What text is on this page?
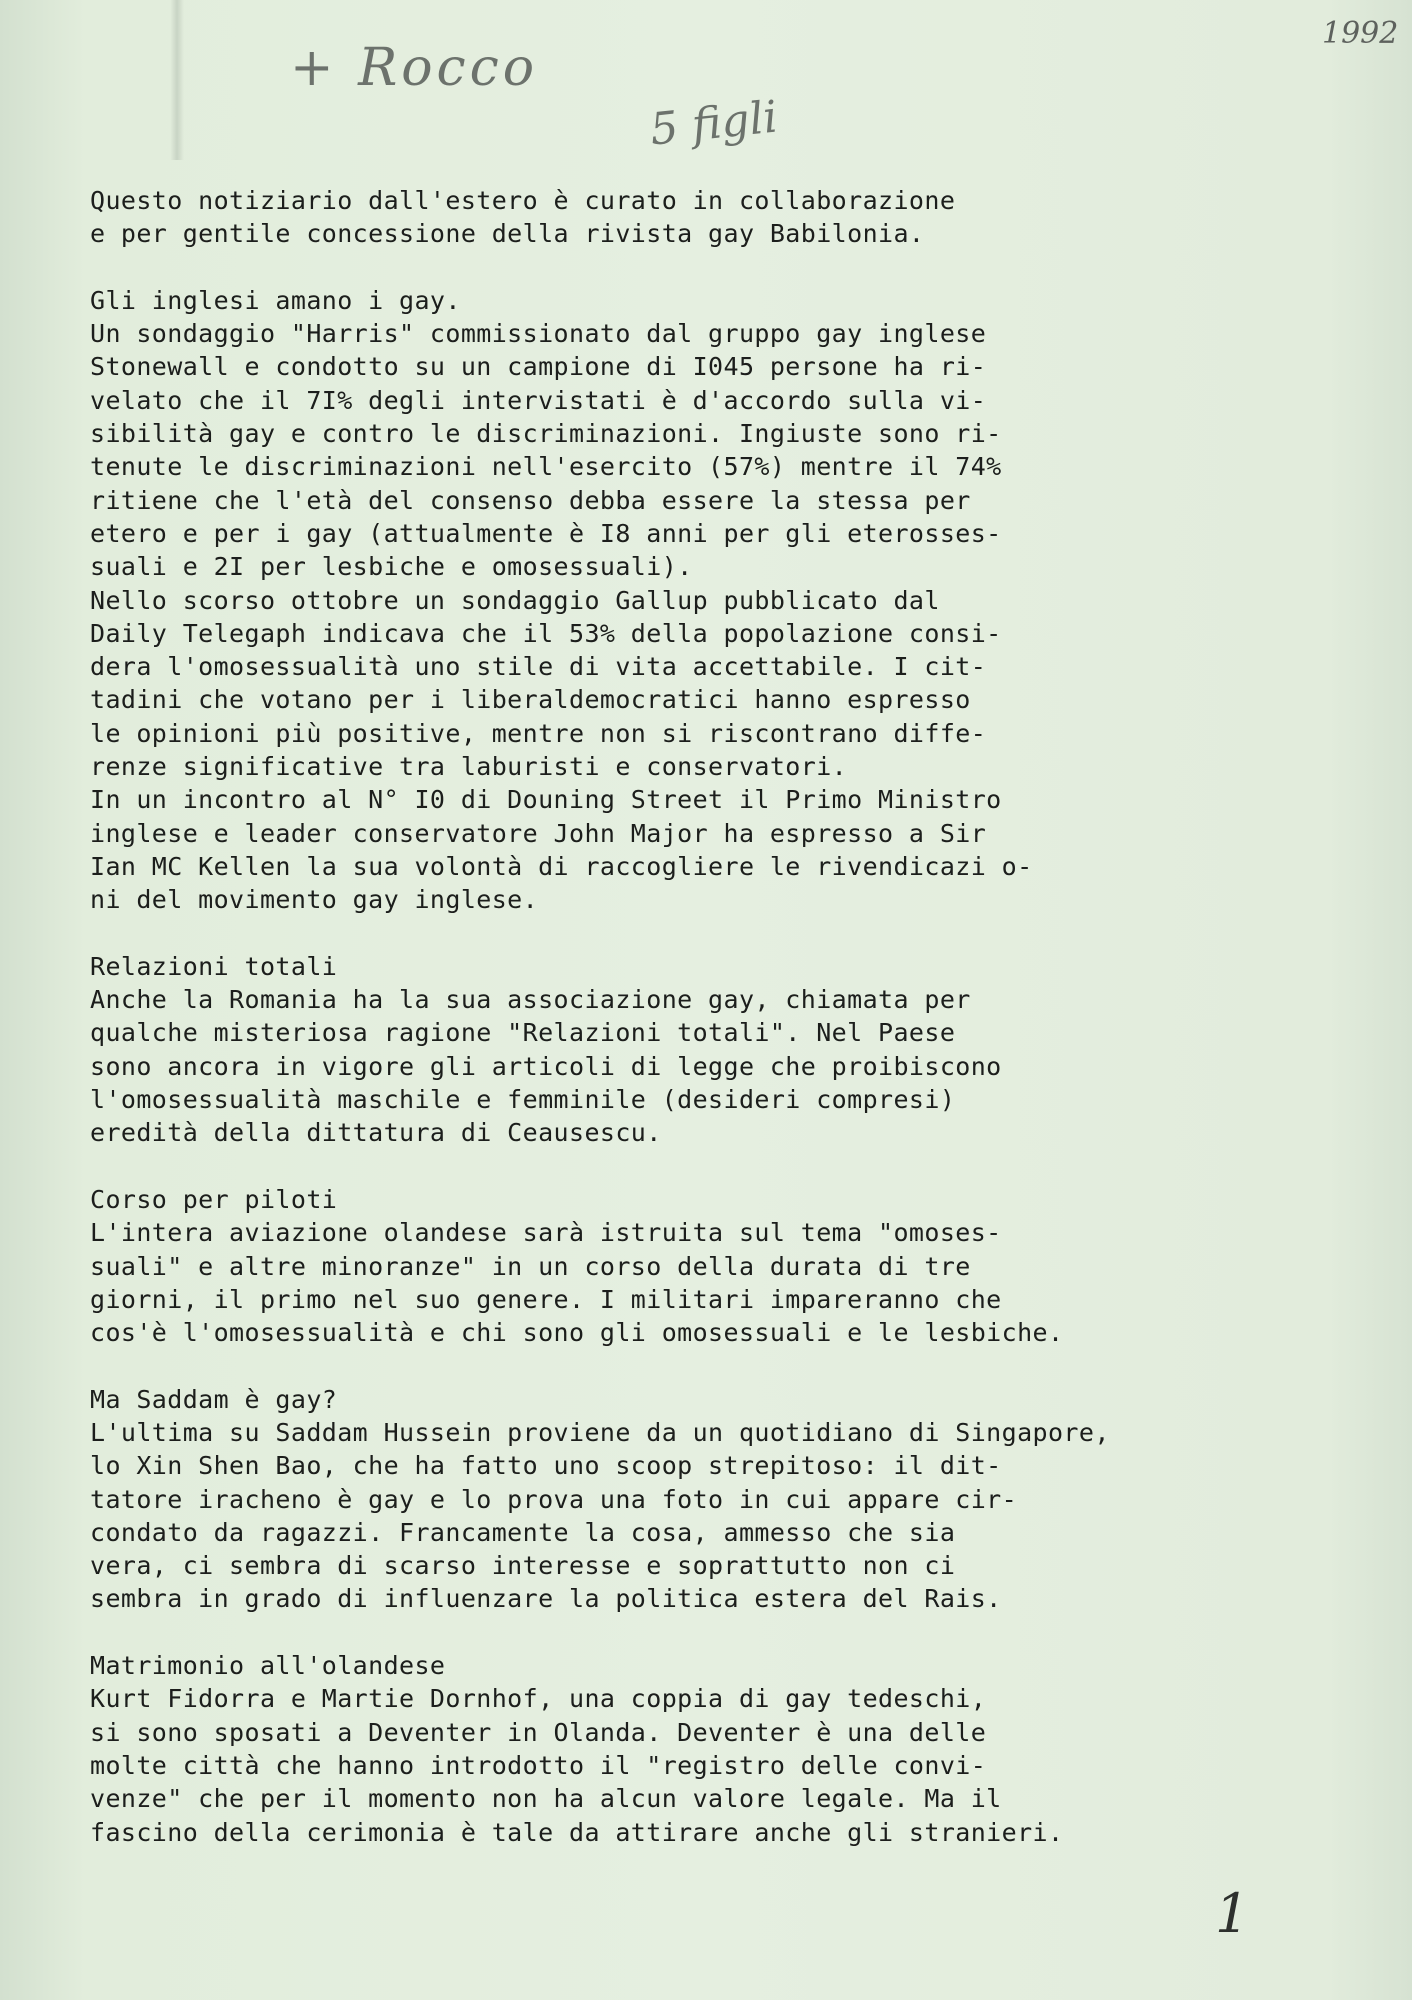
+ Rocco
5 figli
1992
1
Questo notiziario dall'estero è curato in collaborazione
e per gentile concessione della rivista gay Babilonia.
Gli inglesi amano i gay.
Un sondaggio "Harris" commissionato dal gruppo gay inglese
Stonewall e condotto su un campione di I045 persone ha ri-
velato che il 7I% degli intervistati è d'accordo sulla vi-
sibilità gay e contro le discriminazioni. Ingiuste sono ri-
tenute le discriminazioni nell'esercito (57%) mentre il 74%
ritiene che l'età del consenso debba essere la stessa per
etero e per i gay (attualmente è I8 anni per gli eterosses-
suali e 2I per lesbiche e omosessuali).
Nello scorso ottobre un sondaggio Gallup pubblicato dal
Daily Telegaph indicava che il 53% della popolazione consi-
dera l'omosessualità uno stile di vita accettabile. I cit-
tadini che votano per i liberaldemocratici hanno espresso
le opinioni più positive, mentre non si riscontrano diffe-
renze significative tra laburisti e conservatori.
In un incontro al N° I0 di Douning Street il Primo Ministro
inglese e leader conservatore John Major ha espresso a Sir
Ian MC Kellen la sua volontà di raccogliere le rivendicazi o-
ni del movimento gay inglese.
Relazioni totali
Anche la Romania ha la sua associazione gay, chiamata per
qualche misteriosa ragione "Relazioni totali". Nel Paese
sono ancora in vigore gli articoli di legge che proibiscono
l'omosessualità maschile e femminile (desideri compresi)
eredità della dittatura di Ceausescu.
Corso per piloti
L'intera aviazione olandese sarà istruita sul tema "omoses-
suali" e altre minoranze" in un corso della durata di tre
giorni, il primo nel suo genere. I militari impareranno che
cos'è l'omosessualità e chi sono gli omosessuali e le lesbiche.
Ma Saddam è gay?
L'ultima su Saddam Hussein proviene da un quotidiano di Singapore,
lo Xin Shen Bao, che ha fatto uno scoop strepitoso: il dit-
tatore iracheno è gay e lo prova una foto in cui appare cir-
condato da ragazzi. Francamente la cosa, ammesso che sia
vera, ci sembra di scarso interesse e soprattutto non ci
sembra in grado di influenzare la politica estera del Rais.
Matrimonio all'olandese
Kurt Fidorra e Martie Dornhof, una coppia di gay tedeschi,
si sono sposati a Deventer in Olanda. Deventer è una delle
molte città che hanno introdotto il "registro delle convi-
venze" che per il momento non ha alcun valore legale. Ma il
fascino della cerimonia è tale da attirare anche gli stranieri.
